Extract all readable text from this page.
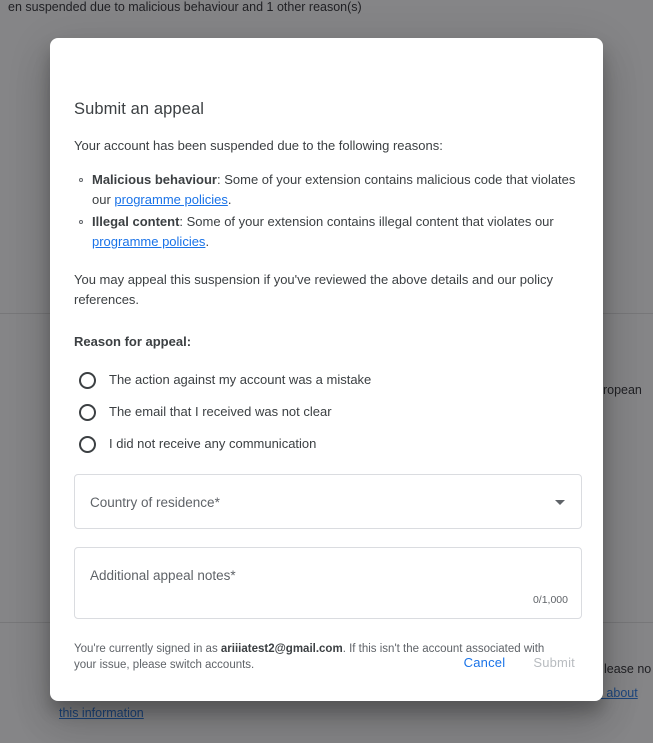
Submit an appeal

Your account has been suspended due to the following reasons:

Malicious behaviour: Some of your extension contains malicious code that violates our programme policies.
Illegal content: Some of your extension contains illegal content that violates our programme policies.

You may appeal this suspension if you've reviewed the above details and our policy references.

Reason for appeal:

The action against my account was a mistake
The email that I received was not clear
I did not receive any communication
Country of residence*
Additional appeal notes*
0/1,000

You're currently signed in as ariiiatest2@gmail.com. If this isn't the account associated with your issue, please switch accounts.	Cancel	Submit
